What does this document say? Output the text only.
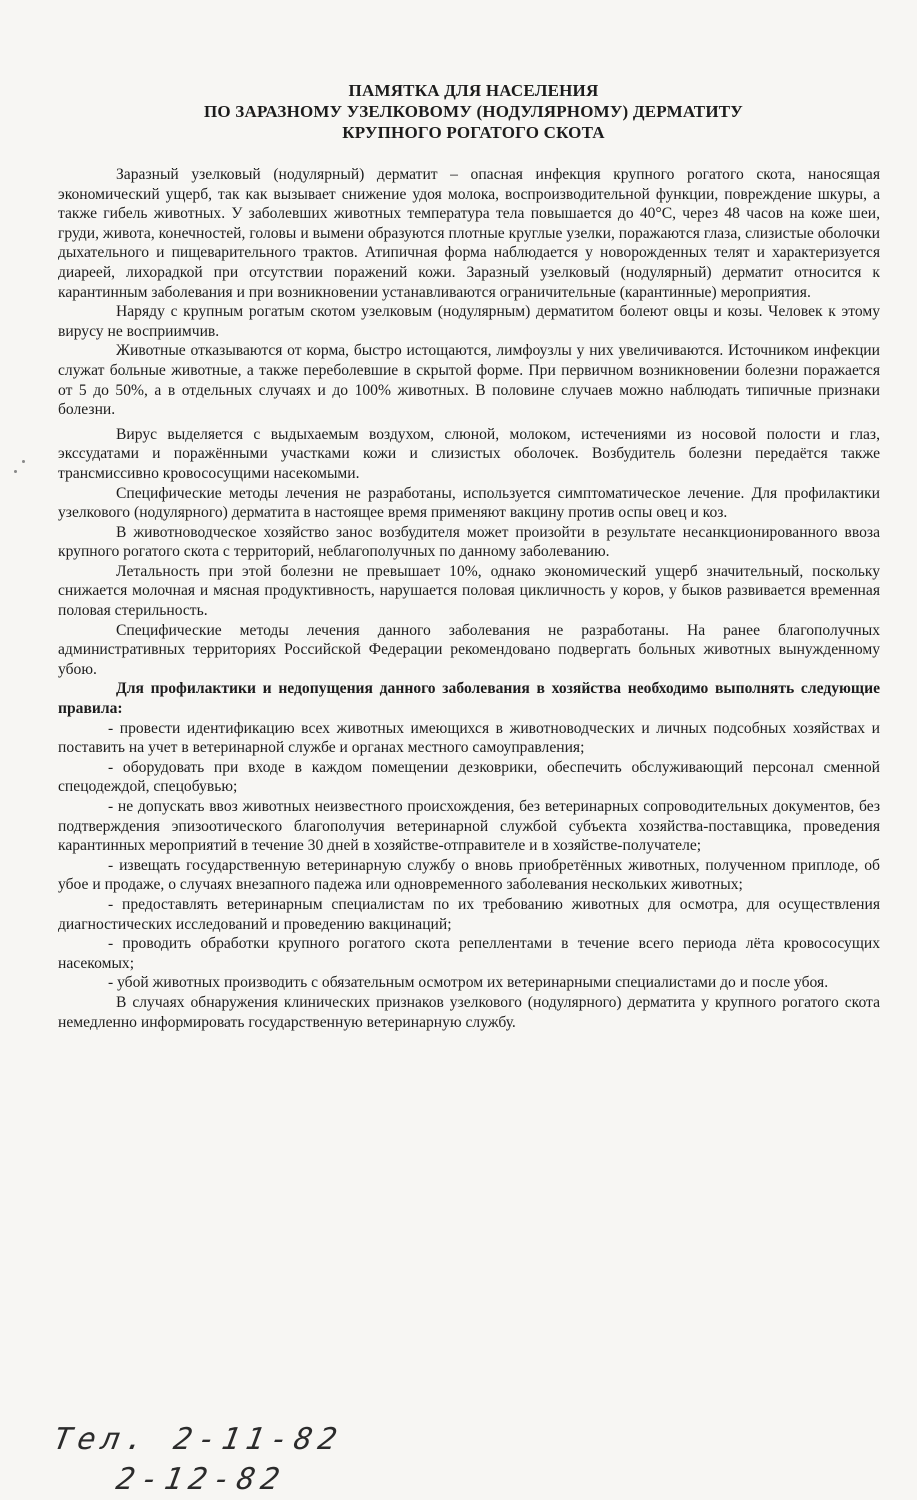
ПАМЯТКА ДЛЯ НАСЕЛЕНИЯ
ПО ЗАРАЗНОМУ УЗЕЛКОВОМУ (НОДУЛЯРНОМУ) ДЕРМАТИТУ
КРУПНОГО РОГАТОГО СКОТА

Заразный узелковый (нодулярный) дерматит – опасная инфекция крупного рогатого скота, наносящая экономический ущерб, так как вызывает снижение удоя молока, воспроизводительной функции, повреждение шкуры, а также гибель животных. У заболевших животных температура тела повышается до 40°С, через 48 часов на коже шеи, груди, живота, конечностей, головы и вымени образуются плотные круглые узелки, поражаются глаза, слизистые оболочки дыхательного и пищеварительного трактов. Атипичная форма наблюдается у новорожденных телят и характеризуется диареей, лихорадкой при отсутствии поражений кожи. Заразный узелковый (нодулярный) дерматит относится к карантинным заболевания и при возникновении устанавливаются ограничительные (карантинные) мероприятия.

Наряду с крупным рогатым скотом узелковым (нодулярным) дерматитом болеют овцы и козы. Человек к этому вирусу не восприимчив.

Животные отказываются от корма, быстро истощаются, лимфоузлы у них увеличиваются. Источником инфекции служат больные животные, а также переболевшие в скрытой форме. При первичном возникновении болезни поражается от 5 до 50%, а в отдельных случаях и до 100% животных. В половине случаев можно наблюдать типичные признаки болезни.

Вирус выделяется с выдыхаемым воздухом, слюной, молоком, истечениями из носовой полости и глаз, экссудатами и поражёнными участками кожи и слизистых оболочек. Возбудитель болезни передаётся также трансмиссивно кровососущими насекомыми.

Специфические методы лечения не разработаны, используется симптоматическое лечение. Для профилактики узелкового (нодулярного) дерматита в настоящее время применяют вакцину против оспы овец и коз.

В животноводческое хозяйство занос возбудителя может произойти в результате несанкционированного ввоза крупного рогатого скота с территорий, неблагополучных по данному заболеванию.

Летальность при этой болезни не превышает 10%, однако экономический ущерб значительный, поскольку снижается молочная и мясная продуктивность, нарушается половая цикличность у коров, у быков развивается временная половая стерильность.

Специфические методы лечения данного заболевания не разработаны. На ранее благополучных административных территориях Российской Федерации рекомендовано подвергать больных животных вынужденному убою.

Для профилактики и недопущения данного заболевания в хозяйства необходимо выполнять следующие правила:

- провести идентификацию всех животных имеющихся в животноводческих и личных подсобных хозяйствах и поставить на учет в ветеринарной службе и органах местного самоуправления;

- оборудовать при входе в каждом помещении дезковрики, обеспечить обслуживающий персонал сменной спецодеждой, спецобувью;

- не допускать ввоз животных неизвестного происхождения, без ветеринарных сопроводительных документов, без подтверждения эпизоотического благополучия ветеринарной службой субъекта хозяйства-поставщика, проведения карантинных мероприятий в течение 30 дней в хозяйстве-отправителе и в хозяйстве-получателе;

- извещать государственную ветеринарную службу о вновь приобретённых животных, полученном приплоде, об убое и продаже, о случаях внезапного падежа или одновременного заболевания нескольких животных;

- предоставлять ветеринарным специалистам по их требованию животных для осмотра, для осуществления диагностических исследований и проведению вакцинаций;

- проводить обработки крупного рогатого скота репеллентами в течение всего периода лёта кровососущих насекомых;

- убой животных производить с обязательным осмотром их ветеринарными специалистами до и после убоя.

В случаях обнаружения клинических признаков узелкового (нодулярного) дерматита у крупного рогатого скота немедленно информировать государственную ветеринарную службу.

Тел. 2-11-82
2-12-82
